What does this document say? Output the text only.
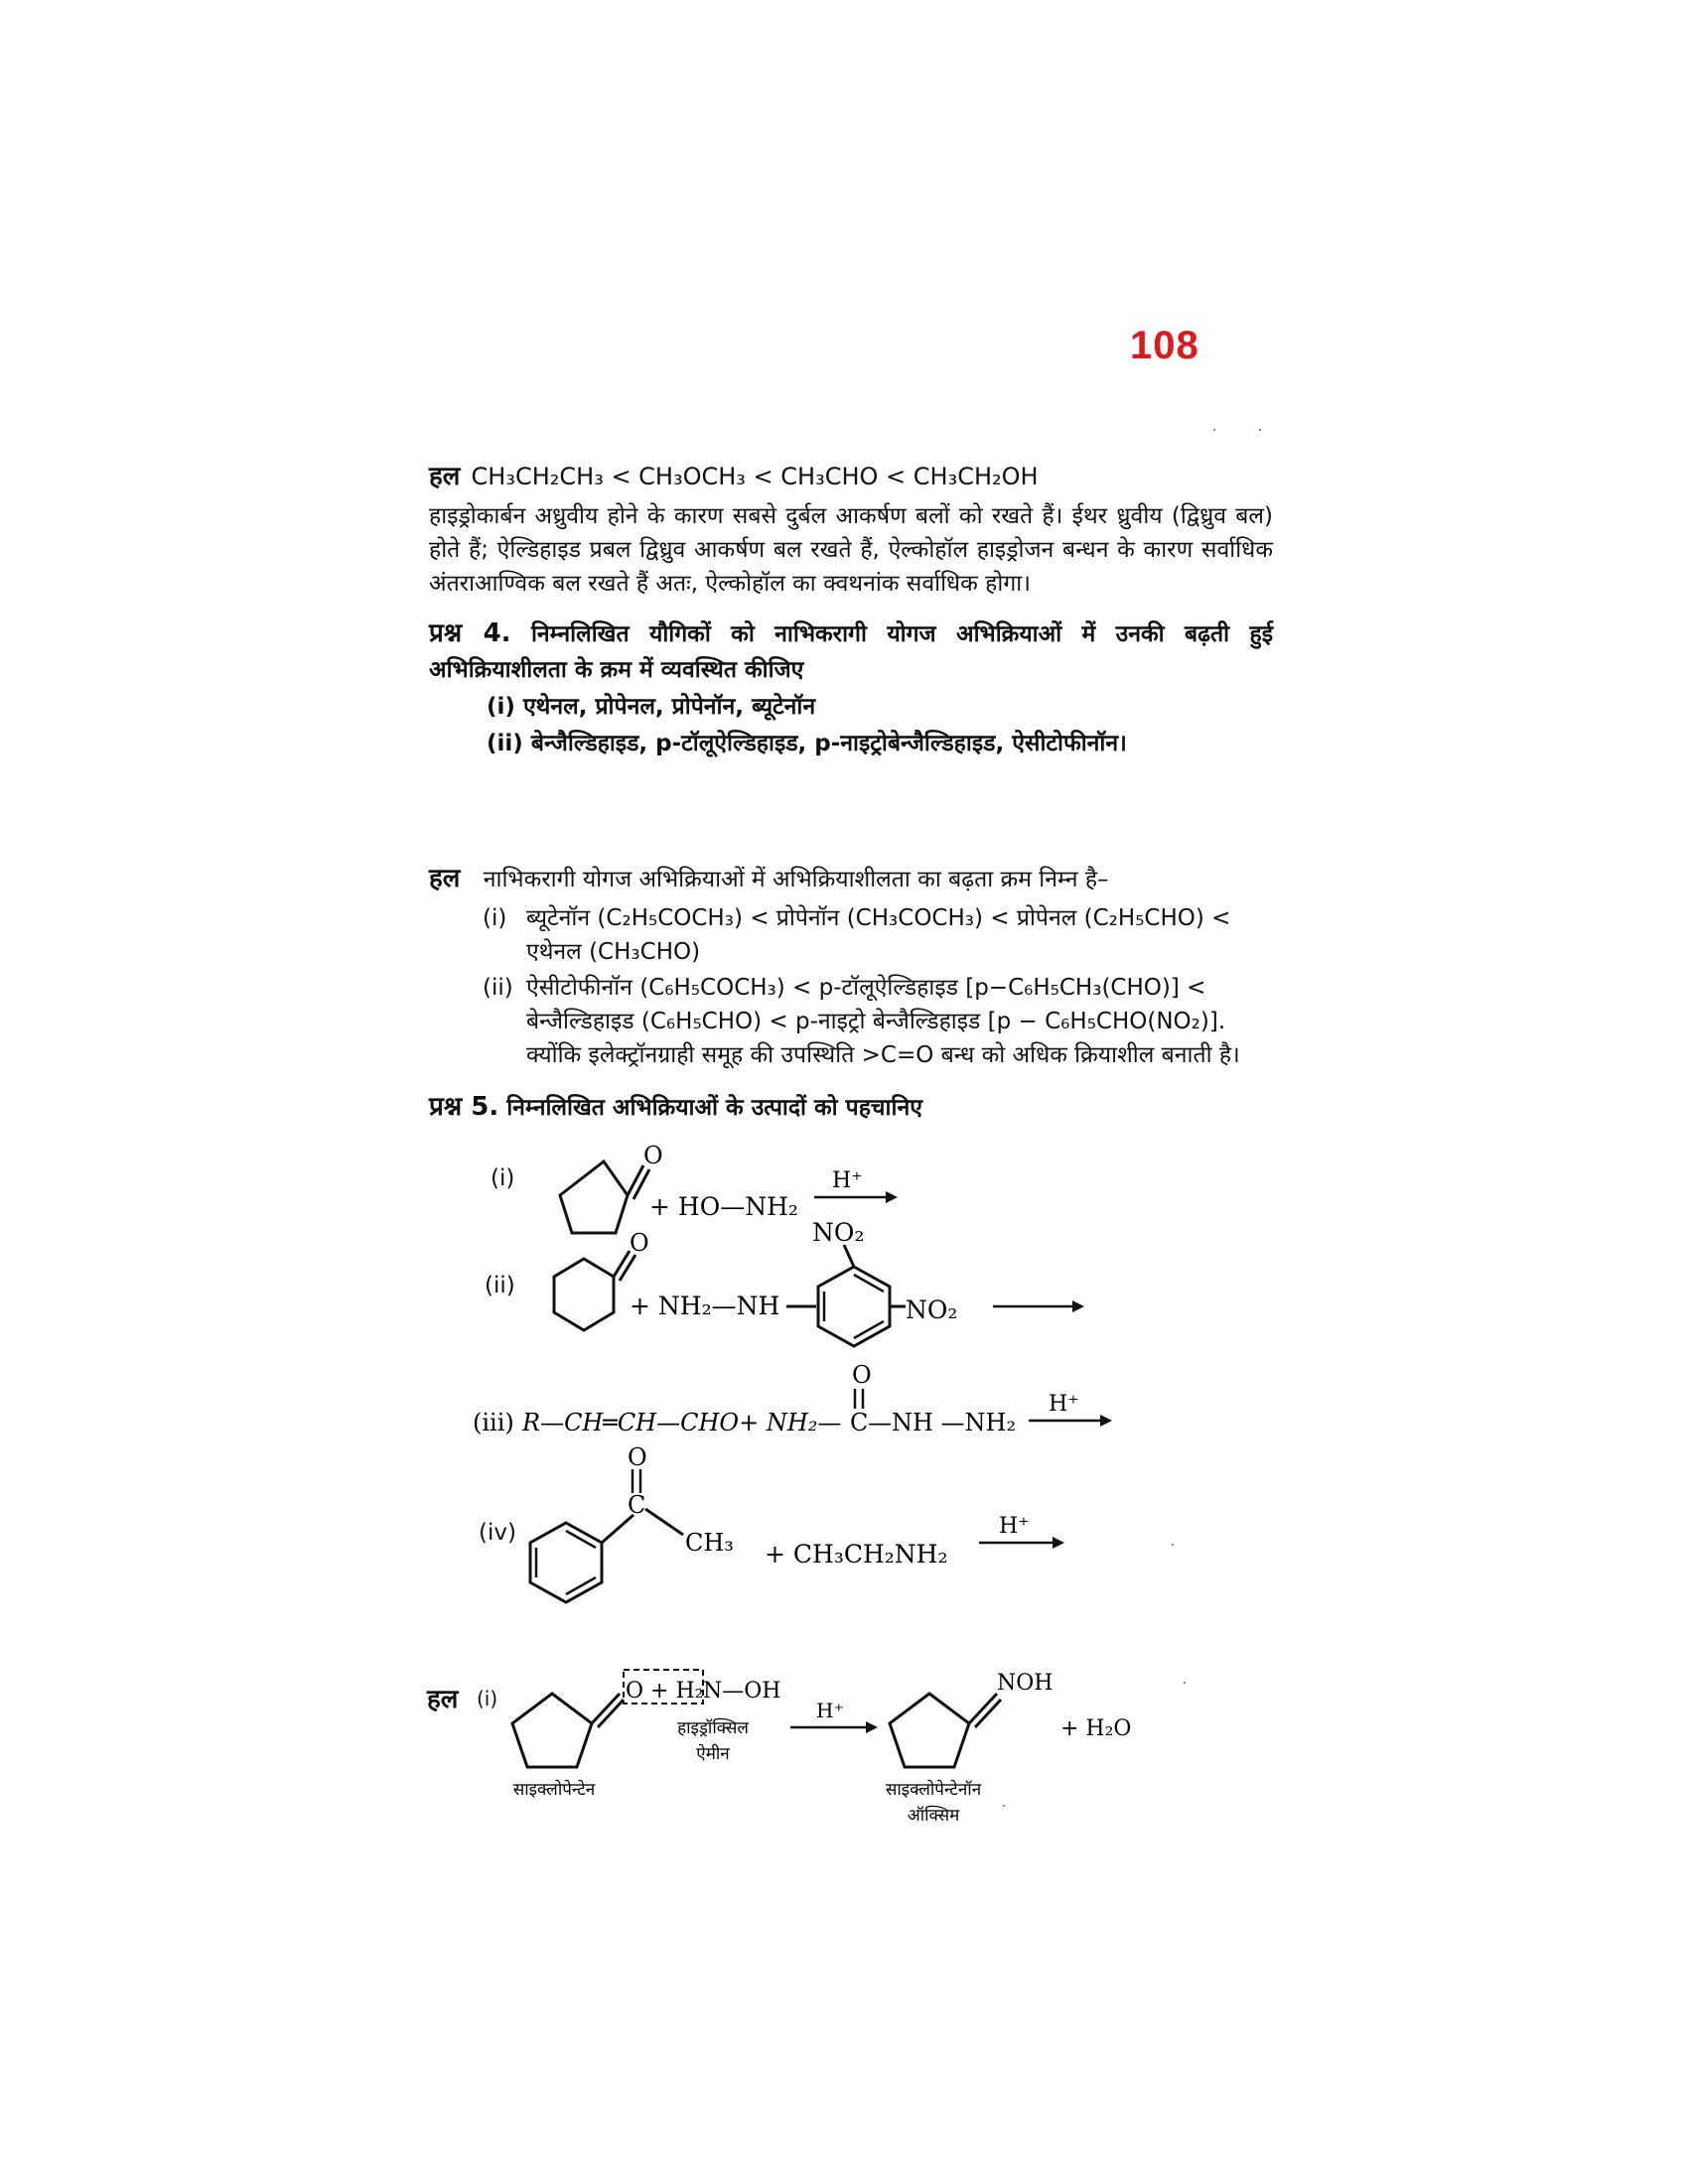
108
हल CH₃CH₂CH₃ < CH₃OCH₃ < CH₃CHO < CH₃CH₂OH
हाइड्रोकार्बन अध्रुवीय होने के कारण सबसे दुर्बल आकर्षण बलों को रखते हैं। ईथर ध्रुवीय (द्विध्रुव बल) होते हैं; ऐल्डिहाइड प्रबल द्विध्रुव आकर्षण बल रखते हैं, ऐल्कोहॉल हाइड्रोजन बन्धन के कारण सर्वाधिक अंतराआण्विक बल रखते हैं अतः, ऐल्कोहॉल का क्वथनांक सर्वाधिक होगा।
प्रश्न 4. निम्नलिखित यौगिकों को नाभिकरागी योगज अभिक्रियाओं में उनकी बढ़ती हुई अभिक्रियाशीलता के क्रम में व्यवस्थित कीजिए
(i) एथेनल, प्रोपेनल, प्रोपेनॉन, ब्यूटेनॉन
(ii) बेन्जैल्डिहाइड, p-टॉलूऐल्डिहाइड, p-नाइट्रोबेन्जैल्डिहाइड, ऐसीटोफीनॉन।
हल नाभिकरागी योगज अभिक्रियाओं में अभिक्रियाशीलता का बढ़ता क्रम निम्न है–
(i) ब्यूटेनॉन (C₂H₅COCH₃) < प्रोपेनॉन (CH₃COCH₃) < प्रोपेनल (C₂H₅CHO) <
एथेनल (CH₃CHO)
(ii) ऐसीटोफीनॉन (C₆H₅COCH₃) < p-टॉलूऐल्डिहाइड [p−C₆H₅CH₃(CHO)] <
बेन्जैल्डिहाइड (C₆H₅CHO) < p-नाइट्रो बेन्जैल्डिहाइड [p − C₆H₅CHO(NO₂)].
क्योंकि इलेक्ट्रॉनग्राही समूह की उपस्थिति >C=O बन्ध को अधिक क्रियाशील बनाती है।
प्रश्न 5. निम्नलिखित अभिक्रियाओं के उत्पादों को पहचानिए
(i)
O
+ HO—NH₂
H⁺
(ii)
O
+ NH₂—NH
NO₂
NO₂
(iii) R—CH═CH—CHO+ NH₂—
O
C —NH —NH₂
H⁺
(iv)
C
O
CH₃ + CH₃CH₂NH₂
H⁺
हल (i)	O + H₂ N—OH
हाइड्रॉक्सिल
ऐमीन
साइक्लोपेन्टेन
H⁺
NOH
+ H₂O
साइक्लोपेन्टेनॉन
ऑक्सिम
